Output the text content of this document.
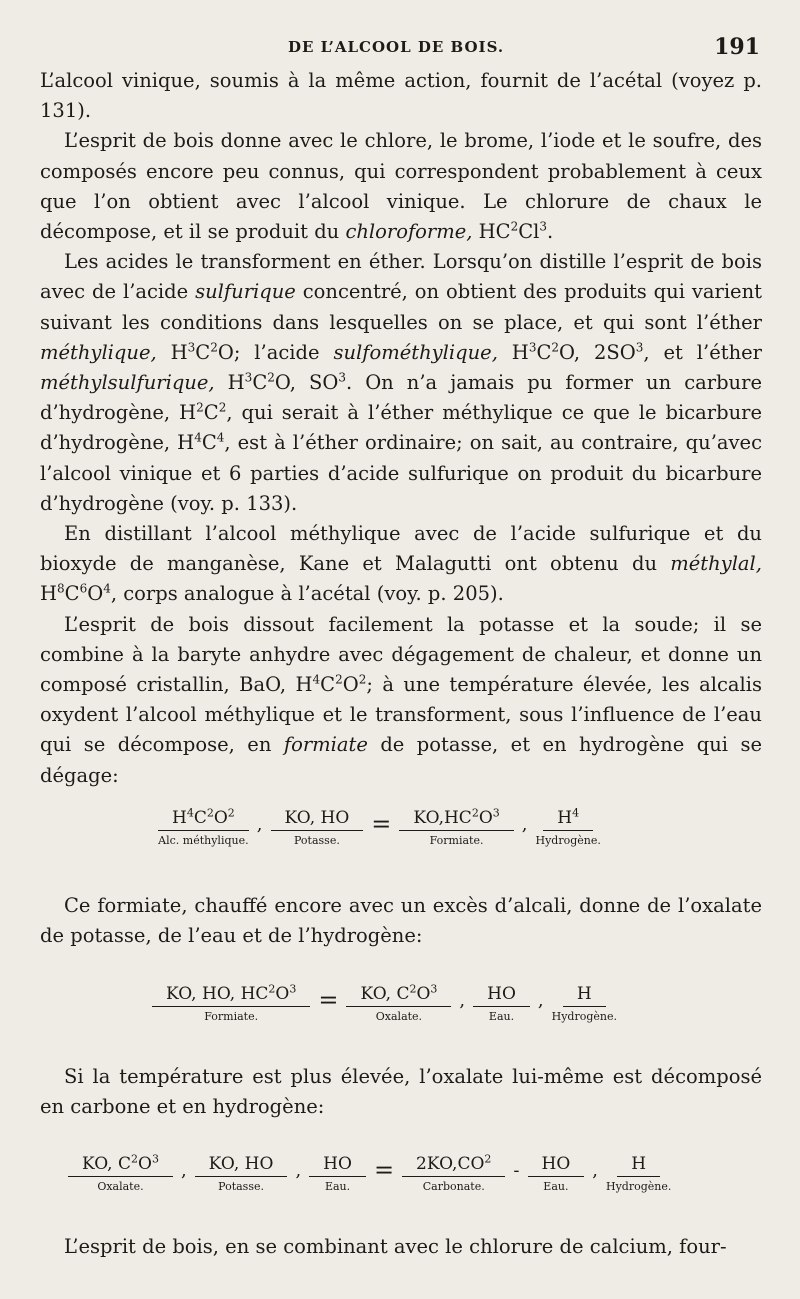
DE L’ALCOOL DE BOIS.	191

L’alcool vinique, soumis à la même action, fournit de l’acétal (voyez p. 131).

L’esprit de bois donne avec le chlore, le brome, l’iode et le soufre, des composés encore peu connus, qui correspondent probablement à ceux que l’on obtient avec l’alcool vinique. Le chlorure de chaux le décompose, et il se produit du chloroforme, $HC^2Cl^3$.

Les acides le transforment en éther. Lorsqu’on distille l’esprit de bois avec de l’acide sulfurique concentré, on obtient des produits qui varient suivant les conditions dans lesquelles on se place, et qui sont l’éther méthylique, $H^3C^2O$; l’acide sulfométhylique, $H^3C^2O$, $2SO^3$, et l’éther méthylsulfurique, $H^3C^2O$, $SO^3$. On n’a jamais pu former un carbure d’hydrogène, $H^2C^2$, qui serait à l’éther méthylique ce que le bicarbure d’hydrogène, $H^4C^4$, est à l’éther ordinaire; on sait, au contraire, qu’avec l’alcool vinique et 6 parties d’acide sulfurique on produit du bicarbure d’hydrogène (voy. p. 133).

En distillant l’alcool méthylique avec de l’acide sulfurique et du bioxyde de manganèse, Kane et Malagutti ont obtenu du méthylal, $H^8C^6O^4$, corps analogue à l’acétal (voy. p. 205).

L’esprit de bois dissout facilement la potasse et la soude; il se combine à la baryte anhydre avec dégagement de chaleur, et donne un composé cristallin, BaO, $H^4C^2O^2$; à une température élevée, les alcalis oxydent l’alcool méthylique et le transforment, sous l’influence de l’eau qui se décompose, en formiate de potasse, et en hydrogène qui se dégage:

$H^4C^2O^2$
Alc. méthylique.
,	KO, HO
Potasse.
=	$KO,HC^2O^3$
Formiate.
,	$H^4$
Hydrogène.

Ce formiate, chauffé encore avec un excès d’alcali, donne de l’oxalate de potasse, de l’eau et de l’hydrogène:

KO, HO, $HC^2O^3$
Formiate.
=	KO, $C^2O^3$
Oxalate.
,	HO
Eau.
,	H
Hydrogène.

Si la température est plus élevée, l’oxalate lui-même est décomposé en carbone et en hydrogène:

KO, $C^2O^3$
Oxalate.
,	KO, HO
Potasse.
,	HO
Eau.
=	$2KO,CO^2$
Carbonate.
-	HO
Eau.
,	H
Hydrogène.

L’esprit de bois, en se combinant avec le chlorure de calcium, four-
